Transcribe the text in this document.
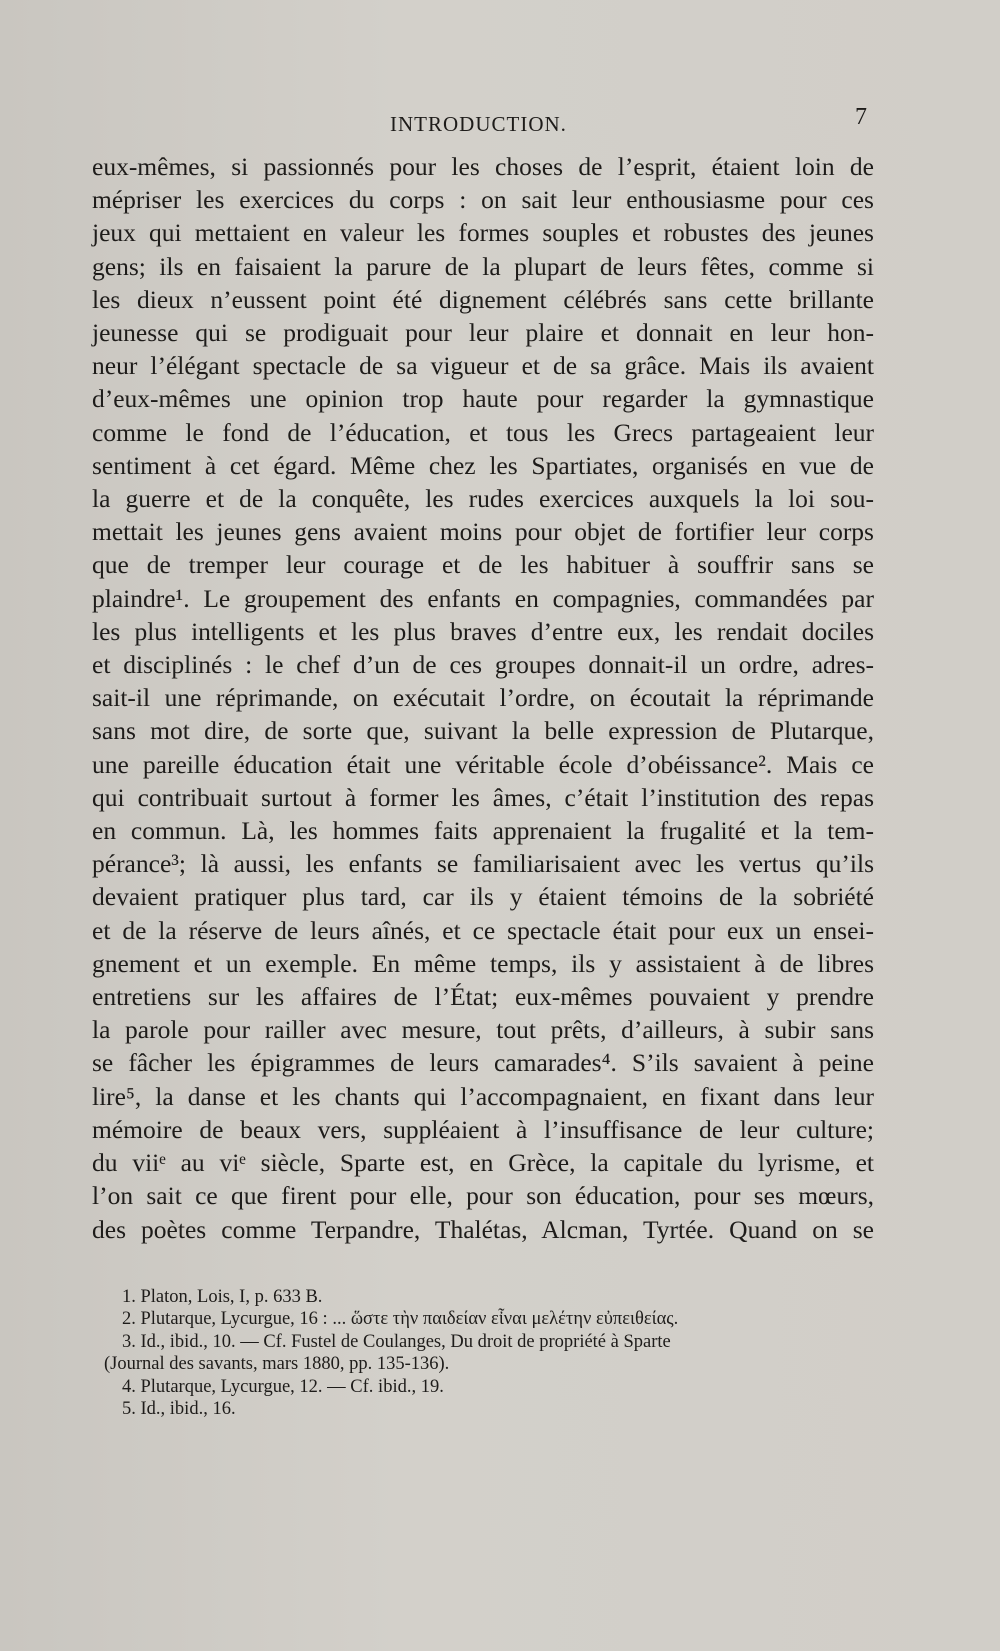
INTRODUCTION.	7
eux-mêmes, si passionnés pour les choses de l’esprit, étaient loin de
mépriser les exercices du corps : on sait leur enthousiasme pour ces
jeux qui mettaient en valeur les formes souples et robustes des jeunes
gens; ils en faisaient la parure de la plupart de leurs fêtes, comme si
les dieux n’eussent point été dignement célébrés sans cette brillante
jeunesse qui se prodiguait pour leur plaire et donnait en leur hon-
neur l’élégant spectacle de sa vigueur et de sa grâce. Mais ils avaient
d’eux-mêmes une opinion trop haute pour regarder la gymnastique
comme le fond de l’éducation, et tous les Grecs partageaient leur
sentiment à cet égard. Même chez les Spartiates, organisés en vue de
la guerre et de la conquête, les rudes exercices auxquels la loi sou-
mettait les jeunes gens avaient moins pour objet de fortifier leur corps
que de tremper leur courage et de les habituer à souffrir sans se
plaindre¹. Le groupement des enfants en compagnies, commandées par
les plus intelligents et les plus braves d’entre eux, les rendait dociles
et disciplinés : le chef d’un de ces groupes donnait-il un ordre, adres-
sait-il une réprimande, on exécutait l’ordre, on écoutait la réprimande
sans mot dire, de sorte que, suivant la belle expression de Plutarque,
une pareille éducation était une véritable école d’obéissance². Mais ce
qui contribuait surtout à former les âmes, c’était l’institution des repas
en commun. Là, les hommes faits apprenaient la frugalité et la tem-
pérance³; là aussi, les enfants se familiarisaient avec les vertus qu’ils
devaient pratiquer plus tard, car ils y étaient témoins de la sobriété
et de la réserve de leurs aînés, et ce spectacle était pour eux un ensei-
gnement et un exemple. En même temps, ils y assistaient à de libres
entretiens sur les affaires de l’État; eux-mêmes pouvaient y prendre
la parole pour railler avec mesure, tout prêts, d’ailleurs, à subir sans
se fâcher les épigrammes de leurs camarades⁴. S’ils savaient à peine
lire⁵, la danse et les chants qui l’accompagnaient, en fixant dans leur
mémoire de beaux vers, suppléaient à l’insuffisance de leur culture;
du viiᵉ au viᵉ siècle, Sparte est, en Grèce, la capitale du lyrisme, et
l’on sait ce que firent pour elle, pour son éducation, pour ses mœurs,
des poètes comme Terpandre, Thalétas, Alcman, Tyrtée. Quand on se
1. Platon, Lois, I, p. 633 B.
2. Plutarque, Lycurgue, 16 : ... ὥστε τὴν παιδείαν εἶναι μελέτην εὐπειθείας.
3. Id., ibid., 10. — Cf. Fustel de Coulanges, Du droit de propriété à Sparte
(Journal des savants, mars 1880, pp. 135-136).
4. Plutarque, Lycurgue, 12. — Cf. ibid., 19.
5. Id., ibid., 16.
